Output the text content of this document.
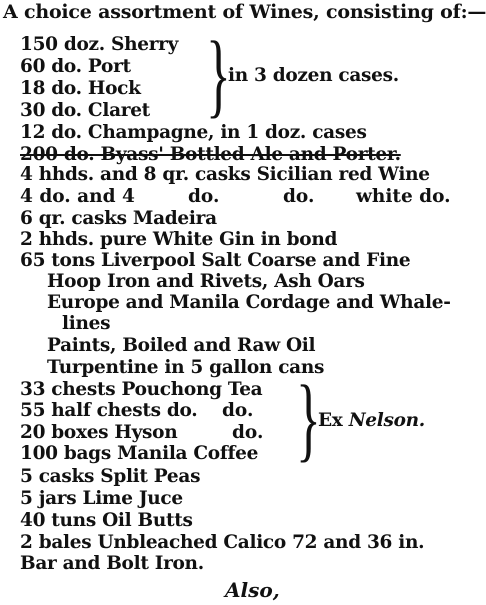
A choice assortment of Wines, consisting of:—
150 doz. Sherry
60 do. Port
18 do. Hock
30 do. Claret }
in 3 dozen cases.
12 do. Champagne, in 1 doz. cases
200 do. Byass' Bottled Ale and Porter.
4 hhds. and 8 qr. casks Sicilian red Wine
4 do. and 4	do.	do. white do.
6 qr. casks Madeira
2 hhds. pure White Gin in bond
65 tons Liverpool Salt Coarse and Fine
Hoop Iron and Rivets, Ash Oars
Europe and Manila Cordage and Whale-
lines
Paints, Boiled and Raw Oil
Turpentine in 5 gallon cans
33 chests Pouchong Tea
55 half chests do. do.
20 boxes Hyson	do.
100 bags Manila Coffee }
Ex Nelson.
5 casks Split Peas
5 jars Lime Juce
40 tuns Oil Butts
2 bales Unbleached Calico 72 and 36 in.
Bar and Bolt Iron.
Also,
